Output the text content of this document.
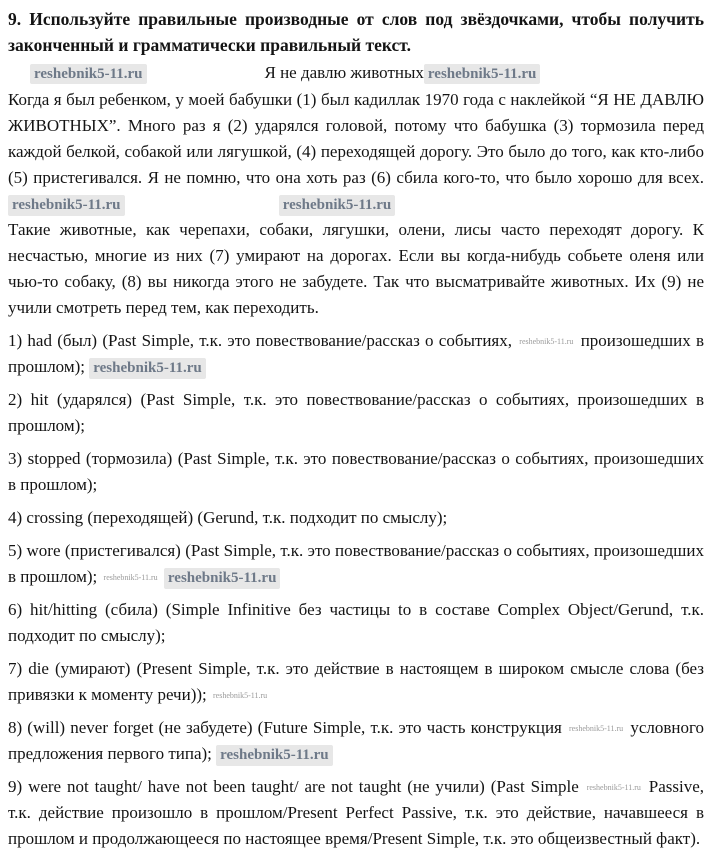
9. Используйте правильные производные от слов под звёздочками, чтобы получить законченный и грамматически правильный текст.
reshebnik5-11.ru	Я не давлю животных reshebnik5-11.ru

Когда я был ребенком, у моей бабушки (1) был кадиллак 1970 года с наклейкой “Я НЕ ДАВЛЮ ЖИВОТНЫХ”. Много раз я (2) ударялся головой, потому что бабушка (3) тормозила перед каждой белкой, собакой или лягушкой, (4) переходящей дорогу. Это было до того, как кто-либо (5) пристегивался. Я не помню, что она хоть раз (6) сбила кого-то, что было хорошо для всех. reshebnik5-11.ru	reshebnik5-11.ru

Такие животные, как черепахи, собаки, лягушки, олени, лисы часто переходят дорогу. К несчастью, многие из них (7) умирают на дорогах. Если вы когда-нибудь собьете оленя или чью-то собаку, (8) вы никогда этого не забудете. Так что высматривайте животных. Их (9) не учили смотреть перед тем, как переходить.

1) had (был) (Past Simple, т.к. это повествование/рассказ о событиях, reshebnik5-11.ru произошедших в прошлом); reshebnik5-11.ru

2) hit (ударялся) (Past Simple, т.к. это повествование/рассказ о событиях, произошедших в прошлом);

3) stopped (тормозила) (Past Simple, т.к. это повествование/рассказ о событиях, произошедших в прошлом);

4) crossing (переходящей) (Gerund, т.к. подходит по смыслу);

5) wore (пристегивался) (Past Simple, т.к. это повествование/рассказ о событиях, произошедших в прошлом); reshebnik5-11.ru reshebnik5-11.ru

6) hit/hitting (сбила) (Simple Infinitive без частицы to в составе Complex Object/Gerund, т.к. подходит по смыслу);

7) die (умирают) (Present Simple, т.к. это действие в настоящем в широком смысле слова (без привязки к моменту речи)); reshebnik5-11.ru

8) (will) never forget (не забудете) (Future Simple, т.к. это часть конструкция reshebnik5-11.ru условного предложения первого типа); reshebnik5-11.ru

9) were not taught/ have not been taught/ are not taught (не учили) (Past Simple reshebnik5-11.ru Passive, т.к. действие произошло в прошлом/Present Perfect Passive, т.к. это действие, начавшееся в прошлом и продолжающееся по настоящее время/Present Simple, т.к. это общеизвестный факт).
